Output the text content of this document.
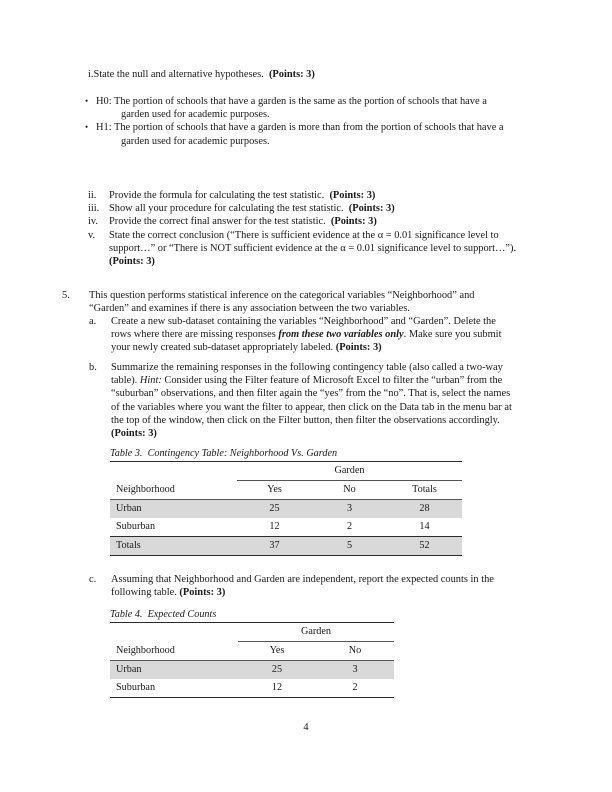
i. State the null and alternative hypotheses. (Points: 3)
• H0: The portion of schools that have a garden is the same as the portion of schools that have a
garden used for academic purposes.
• H1: The portion of schools that have a garden is more than from the portion of schools that have a
garden used for academic purposes.
ii.	Provide the formula for calculating the test statistic. (Points: 3)
iii. Show all your procedure for calculating the test statistic. (Points: 3)
iv.	Provide the correct final answer for the test statistic. (Points: 3)
v.	State the correct conclusion (“There is sufficient evidence at the α = 0.01 significance level to
support…” or “There is NOT sufficient evidence at the α = 0.01 significance level to support…”).
(Points: 3)
5.	This question performs statistical inference on the categorical variables “Neighborhood” and
“Garden” and examines if there is any association between the two variables.
a.	Create a new sub-dataset containing the variables “Neighborhood” and “Garden”. Delete the
rows where there are missing responses from these two variables only. Make sure you submit
your newly created sub-dataset appropriately labeled. (Points: 3)
b.	Summarize the remaining responses in the following contingency table (also called a two-way
table). Hint: Consider using the Filter feature of Microsoft Excel to filter the “urban” from the
“suburban” observations, and then filter again the “yes” from the “no”. That is, select the names
of the variables where you want the filter to appear, then click on the Data tab in the menu bar at
the top of the window, then click on the Filter button, then filter the observations accordingly.
(Points: 3)
Table 3. Contingency Table: Neighborhood Vs. Garden
	Garden		
Neighborhood	Yes	No	Totals
Urban	25	3	28
Suburban	12	2	14
Totals	37	5	52
c.	Assuming that Neighborhood and Garden are independent, report the expected counts in the
following table. (Points: 3)
Table 4. Expected Counts
	Garden	
Neighborhood	Yes	No
Urban	25	3
Suburban	12	2
4
